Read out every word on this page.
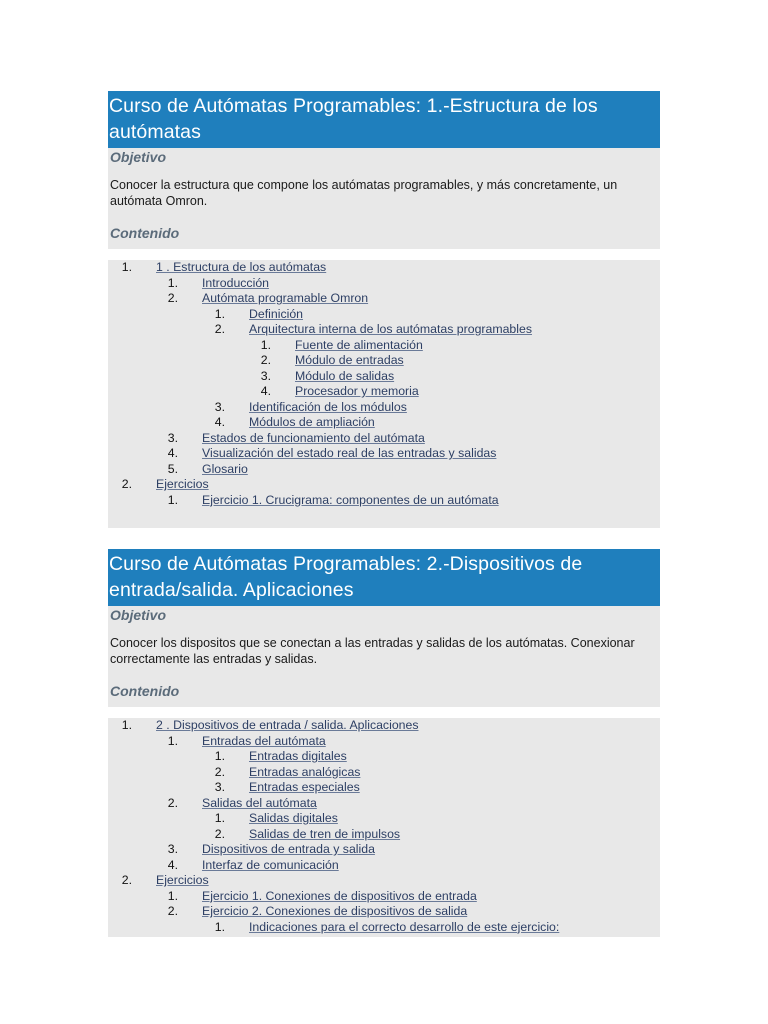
Curso de Autómatas Programables: 1.-Estructura de los autómatas
Objetivo
Conocer la estructura que compone los autómatas programables, y más concretamente, un autómata Omron.
Contenido
1. 1 . Estructura de los autómatas
1. Introducción
2. Autómata programable Omron
1. Definición
2. Arquitectura interna de los autómatas programables
1. Fuente de alimentación
2. Módulo de entradas
3. Módulo de salidas
4. Procesador y memoria
3. Identificación de los módulos
4. Módulos de ampliación
3. Estados de funcionamiento del autómata
4. Visualización del estado real de las entradas y salidas
5. Glosario
2. Ejercicios
1. Ejercicio 1. Crucigrama: componentes de un autómata
Curso de Autómatas Programables: 2.-Dispositivos de entrada/salida. Aplicaciones
Objetivo
Conocer los dispositos que se conectan a las entradas y salidas de los autómatas. Conexionar correctamente las entradas y salidas.
Contenido
1. 2 . Dispositivos de entrada / salida. Aplicaciones
1. Entradas del autómata
1. Entradas digitales
2. Entradas analógicas
3. Entradas especiales
2. Salidas del autómata
1. Salidas digitales
2. Salidas de tren de impulsos
3. Dispositivos de entrada y salida
4. Interfaz de comunicación
2. Ejercicios
1. Ejercicio 1. Conexiones de dispositivos de entrada
2. Ejercicio 2. Conexiones de dispositivos de salida
1. Indicaciones para el correcto desarrollo de este ejercicio:
